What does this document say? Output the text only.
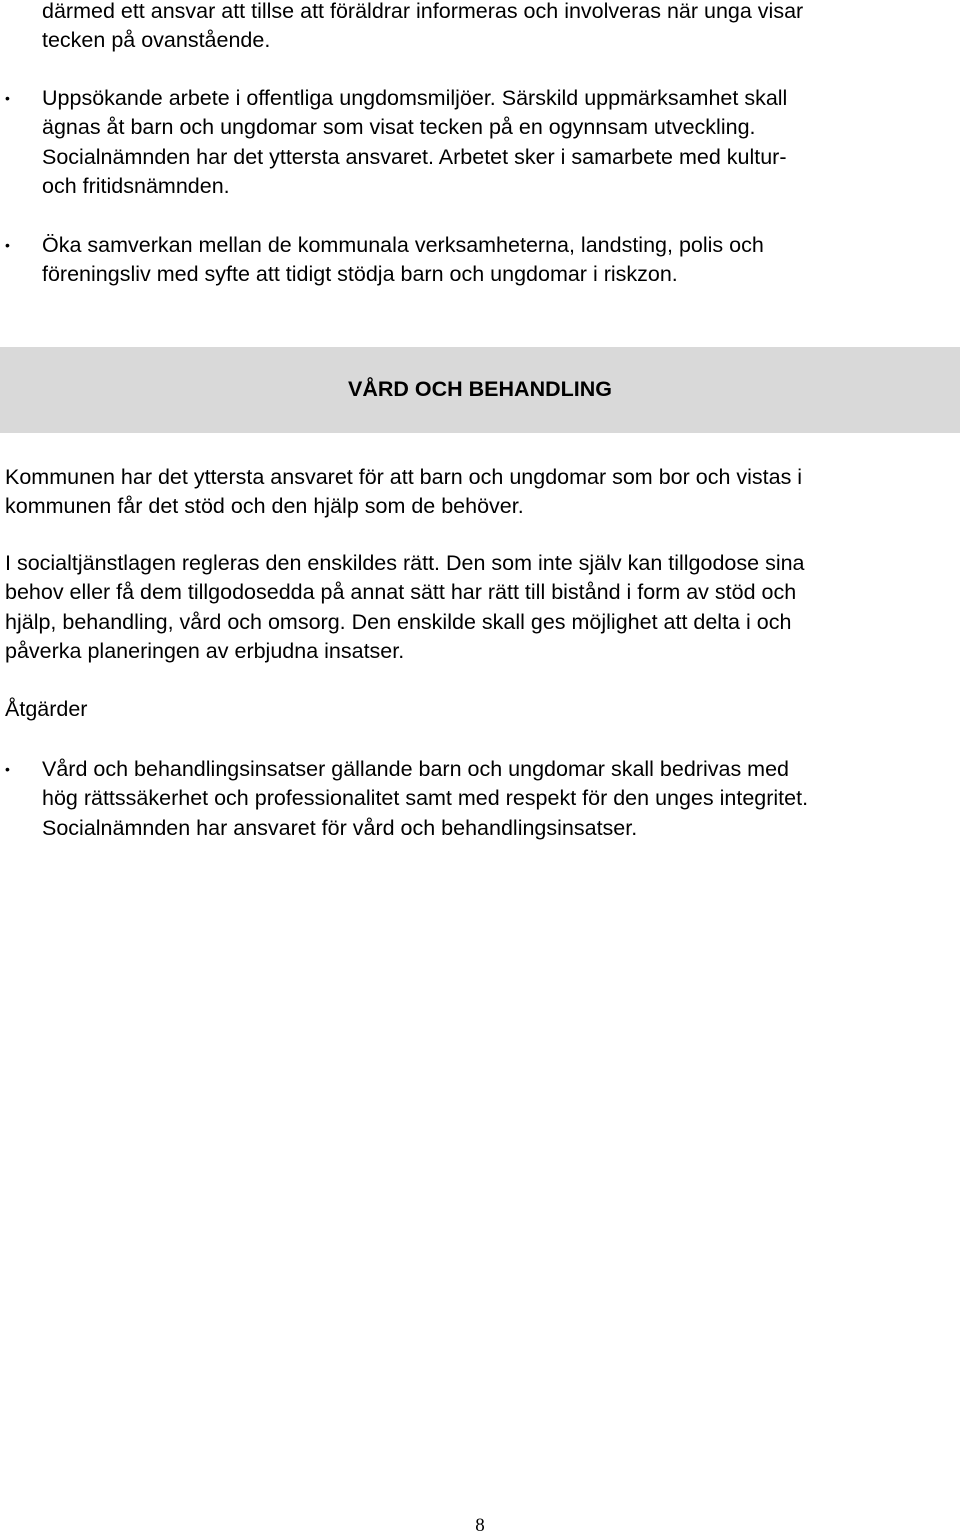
därmed ett ansvar att tillse att föräldrar informeras och involveras när unga visar
tecken på ovanstående.
• Uppsökande arbete i offentliga ungdomsmiljöer. Särskild uppmärksamhet skall
ägnas åt barn och ungdomar som visat tecken på en ogynnsam utveckling.
Socialnämnden har det yttersta ansvaret. Arbetet sker i samarbete med kultur-
och fritidsnämnden.
• Öka samverkan mellan de kommunala verksamheterna, landsting, polis och
föreningsliv med syfte att tidigt stödja barn och ungdomar i riskzon.
VÅRD OCH BEHANDLING
Kommunen har det yttersta ansvaret för att barn och ungdomar som bor och vistas i
kommunen får det stöd och den hjälp som de behöver.
I socialtjänstlagen regleras den enskildes rätt. Den som inte själv kan tillgodose sina
behov eller få dem tillgodosedda på annat sätt har rätt till bistånd i form av stöd och
hjälp, behandling, vård och omsorg. Den enskilde skall ges möjlighet att delta i och
påverka planeringen av erbjudna insatser.
Åtgärder
• Vård och behandlingsinsatser gällande barn och ungdomar skall bedrivas med
hög rättssäkerhet och professionalitet samt med respekt för den unges integritet.
Socialnämnden har ansvaret för vård och behandlingsinsatser.
8
